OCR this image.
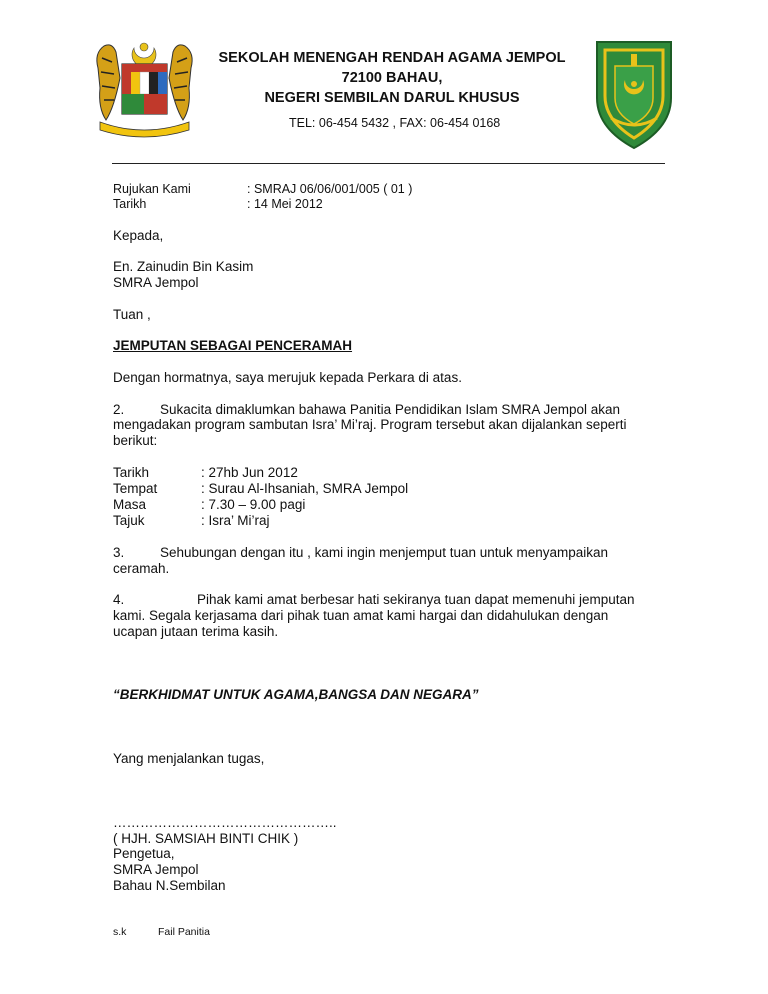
SEKOLAH MENENGAH RENDAH AGAMA JEMPOL
72100 BAHAU,
NEGERI SEMBILAN DARUL KHUSUS
TEL: 06-454 5432 , FAX: 06-454 0168
Rujukan Kami	: SMRAJ 06/06/001/005 ( 01 )
Tarikh	: 14 Mei 2012
Kepada,
En. Zainudin Bin Kasim
SMRA Jempol
Tuan ,
JEMPUTAN SEBAGAI PENCERAMAH
Dengan hormatnya, saya merujuk kepada Perkara di atas.
2.	Sukacita dimaklumkan bahawa Panitia Pendidikan Islam SMRA Jempol akan
mengadakan program sambutan Isra’ Mi’raj. Program tersebut akan dijalankan seperti
berikut:
Tarikh	: 27hb Jun 2012
Tempat	: Surau Al-Ihsaniah, SMRA Jempol
Masa	: 7.30 – 9.00 pagi
Tajuk	: Isra’ Mi’raj
3.	Sehubungan dengan itu , kami ingin menjemput tuan untuk menyampaikan
ceramah.
4.	Pihak kami amat berbesar hati sekiranya tuan dapat memenuhi jemputan
kami. Segala kerjasama dari pihak tuan amat kami hargai dan didahulukan dengan
ucapan jutaan terima kasih.
“BERKHIDMAT UNTUK AGAMA,BANGSA DAN NEGARA”
Yang menjalankan tugas,
…………………………………………..
( HJH. SAMSIAH BINTI CHIK )
Pengetua,
SMRA Jempol
Bahau N.Sembilan
s.k	Fail Panitia
